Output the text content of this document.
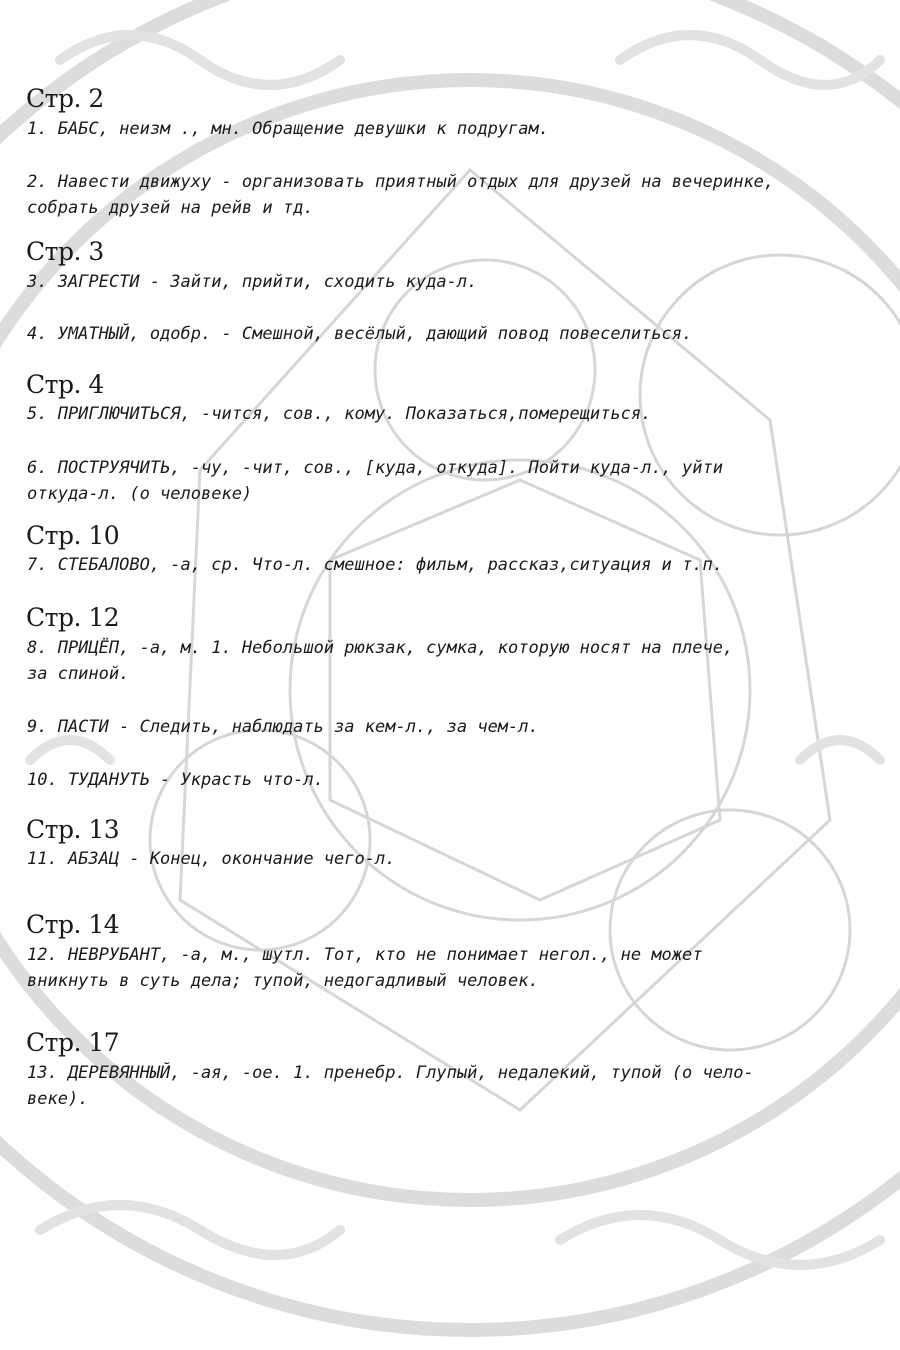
Стр. 2
1. БАБС, неизм ., мн. Обращение девушки к подругам.
2. Навести движуху - организовать приятный отдых для друзей на вечеринке,
собрать друзей на рейв и тд.
Стр. 3
3. ЗАГРЕСТИ - Зайти, прийти, сходить куда-л.
4. УМАТНЫЙ, одобр. - Смешной, весёлый, дающий повод повеселиться.
Стр. 4
5. ПРИГЛЮЧИТЬСЯ, -чится, сов., кому. Показаться,померещиться.
6. ПОСТРУЯЧИТЬ, -чу, -чит, сов., [куда, откуда]. Пойти куда-л., уйти
откуда-л. (о человеке)
Стр. 10
7. СТЕБАЛОВО, -а, ср. Что-л. смешное: фильм, рассказ,ситуация и т.п.
Стр. 12
8. ПРИЦЁП, -а, м. 1. Небольшой рюкзак, сумка, которую носят на плече,
за спиной.
9. ПАСТИ - Следить, наблюдать за кем-л., за чем-л.
10. ТУДАНУТЬ - Украсть что-л.
Стр. 13
11. АБЗАЦ - Конец, окончание чего-л.
Стр. 14
12. НЕВРУБАНТ, -а, м., шутл. Тот, кто не понимает негол., не может
вникнуть в суть дела; тупой, недогадливый человек.
Стр. 17
13. ДЕРЕВЯННЫЙ, -ая, -ое. 1. пренебр. Глупый, недалекий, тупой (о чело-
веке).
